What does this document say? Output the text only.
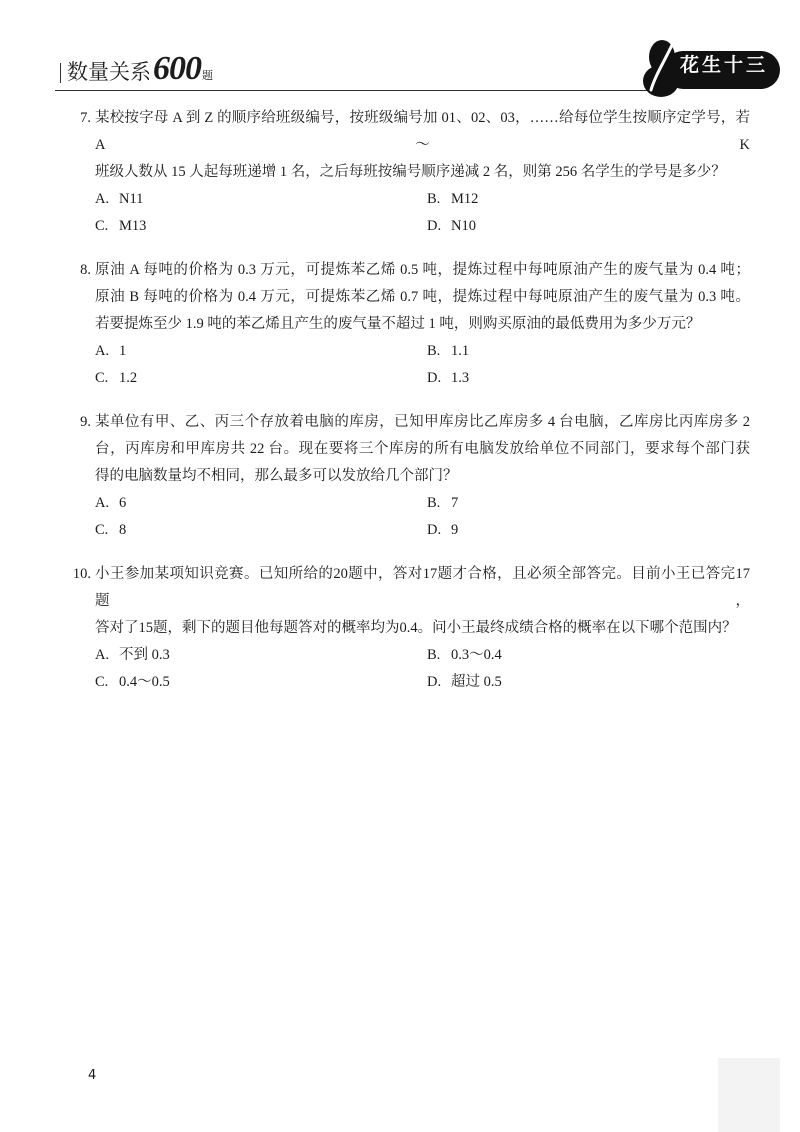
数量关系600题	花生十三
7. 某校按字母 A 到 Z 的顺序给班级编号，按班级编号加 01、02、03，……给每位学生按顺序定学号，若 A～K
班级人数从 15 人起每班递增 1 名，之后每班按编号顺序递减 2 名，则第 256 名学生的学号是多少？
A. N11	B. M12
C. M13	D. N10
8. 原油 A 每吨的价格为 0.3 万元，可提炼苯乙烯 0.5 吨，提炼过程中每吨原油产生的废气量为 0.4 吨；
原油 B 每吨的价格为 0.4 万元，可提炼苯乙烯 0.7 吨，提炼过程中每吨原油产生的废气量为 0.3 吨。
若要提炼至少 1.9 吨的苯乙烯且产生的废气量不超过 1 吨，则购买原油的最低费用为多少万元？
A. 1	B. 1.1
C. 1.2	D. 1.3
9. 某单位有甲、乙、丙三个存放着电脑的库房，已知甲库房比乙库房多 4 台电脑，乙库房比丙库房多 2
台，丙库房和甲库房共 22 台。现在要将三个库房的所有电脑发放给单位不同部门，要求每个部门获
得的电脑数量均不相同，那么最多可以发放给几个部门？
A. 6	B. 7
C. 8	D. 9
10. 小王参加某项知识竞赛。已知所给的20题中，答对17题才合格，且必须全部答完。目前小王已答完17题，
答对了15题，剩下的题目他每题答对的概率均为0.4。问小王最终成绩合格的概率在以下哪个范围内？
A. 不到 0.3	B. 0.3～0.4
C. 0.4～0.5	D. 超过 0.5
4
